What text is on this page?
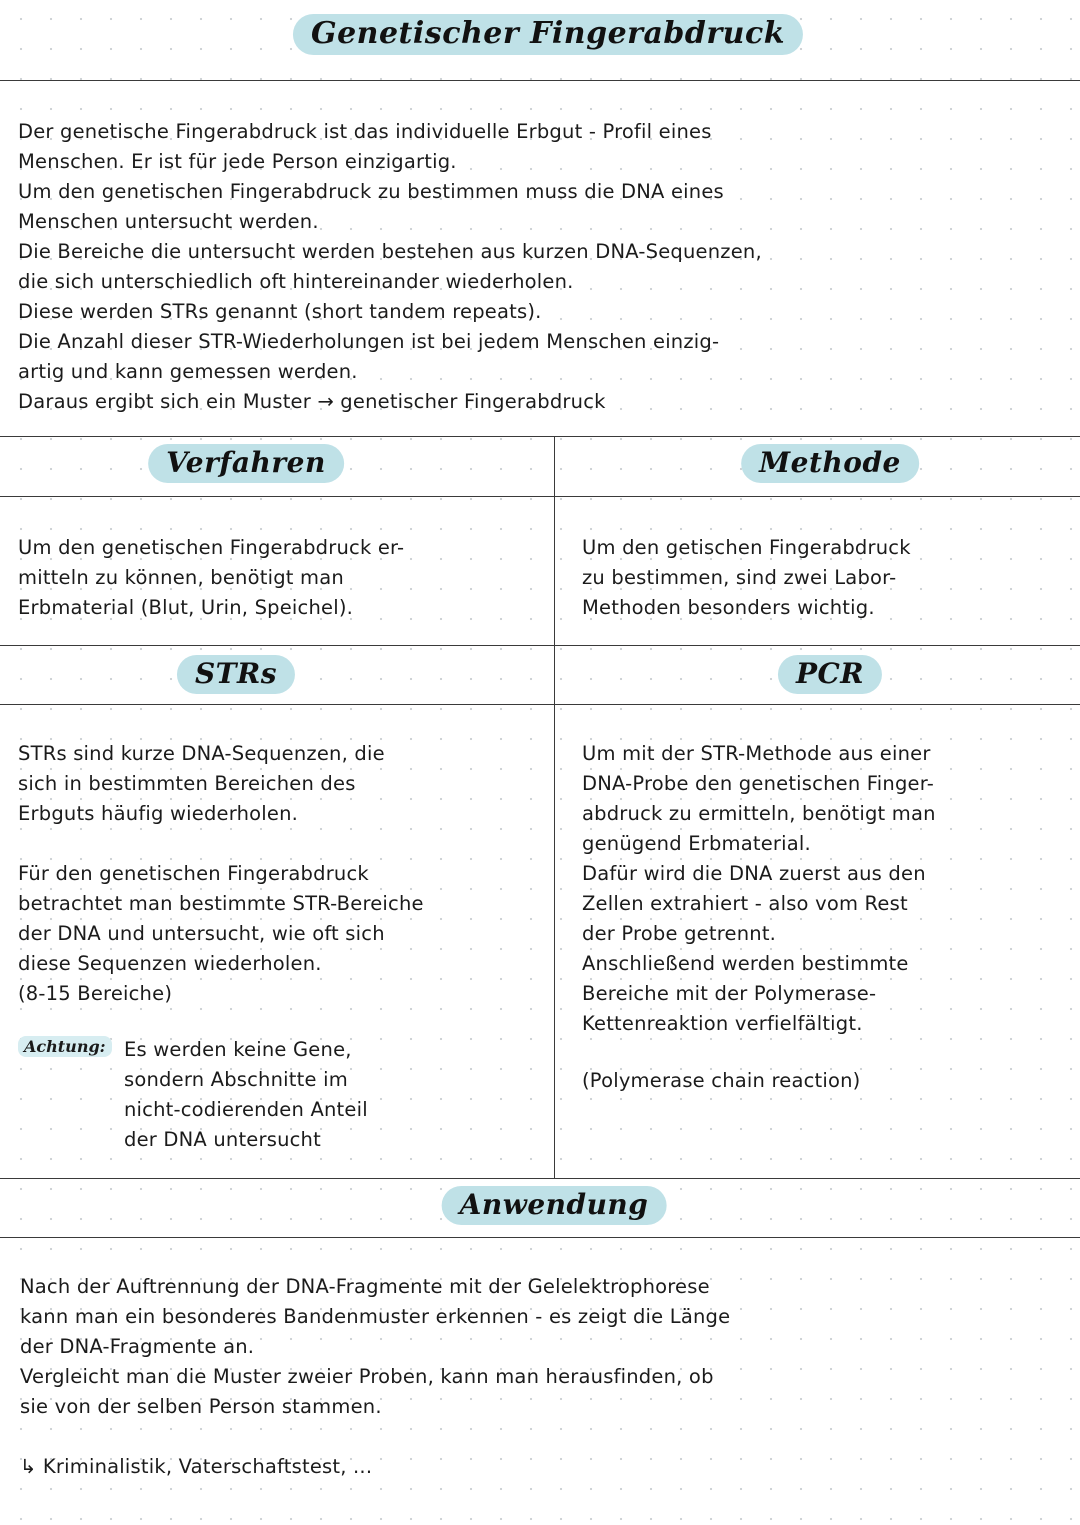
Genetischer Fingerabdruck
Der genetische Fingerabdruck ist das individuelle Erbgut - Profil eines
Menschen. Er ist für jede Person einzigartig.
Um den genetischen Fingerabdruck zu bestimmen muss die DNA eines
Menschen untersucht werden.
Die Bereiche die untersucht werden bestehen aus kurzen DNA-Sequenzen,
die sich unterschiedlich oft hintereinander wiederholen.
Diese werden STRs genannt (short tandem repeats).
Die Anzahl dieser STR-Wiederholungen ist bei jedem Menschen einzig-
artig und kann gemessen werden.
Daraus ergibt sich ein Muster → genetischer Fingerabdruck
Verfahren
Um den genetischen Fingerabdruck er-
mitteln zu können, benötigt man
Erbmaterial (Blut, Urin, Speichel).
Methode
Um den getischen Fingerabdruck
zu bestimmen, sind zwei Labor-
Methoden besonders wichtig.
STRs
STRs sind kurze DNA-Sequenzen, die
sich in bestimmten Bereichen des
Erbguts häufig wiederholen.
Für den genetischen Fingerabdruck
betrachtet man bestimmte STR-Bereiche
der DNA und untersucht, wie oft sich
diese Sequenzen wiederholen.
(8-15 Bereiche)
Achtung: Es werden keine Gene,
sondern Abschnitte im
nicht-codierenden Anteil
der DNA untersucht
PCR
Um mit der STR-Methode aus einer
DNA-Probe den genetischen Finger-
abdruck zu ermitteln, benötigt man
genügend Erbmaterial.
Dafür wird die DNA zuerst aus den
Zellen extrahiert - also vom Rest
der Probe getrennt.
Anschließend werden bestimmte
Bereiche mit der Polymerase-
Kettenreaktion verfielfältigt.
(Polymerase chain reaction)
Anwendung
Nach der Auftrennung der DNA-Fragmente mit der Gelelektrophorese
kann man ein besonderes Bandenmuster erkennen - es zeigt die Länge
der DNA-Fragmente an.
Vergleicht man die Muster zweier Proben, kann man herausfinden, ob
sie von der selben Person stammen.
↳ Kriminalistik, Vaterschaftstest, ...
